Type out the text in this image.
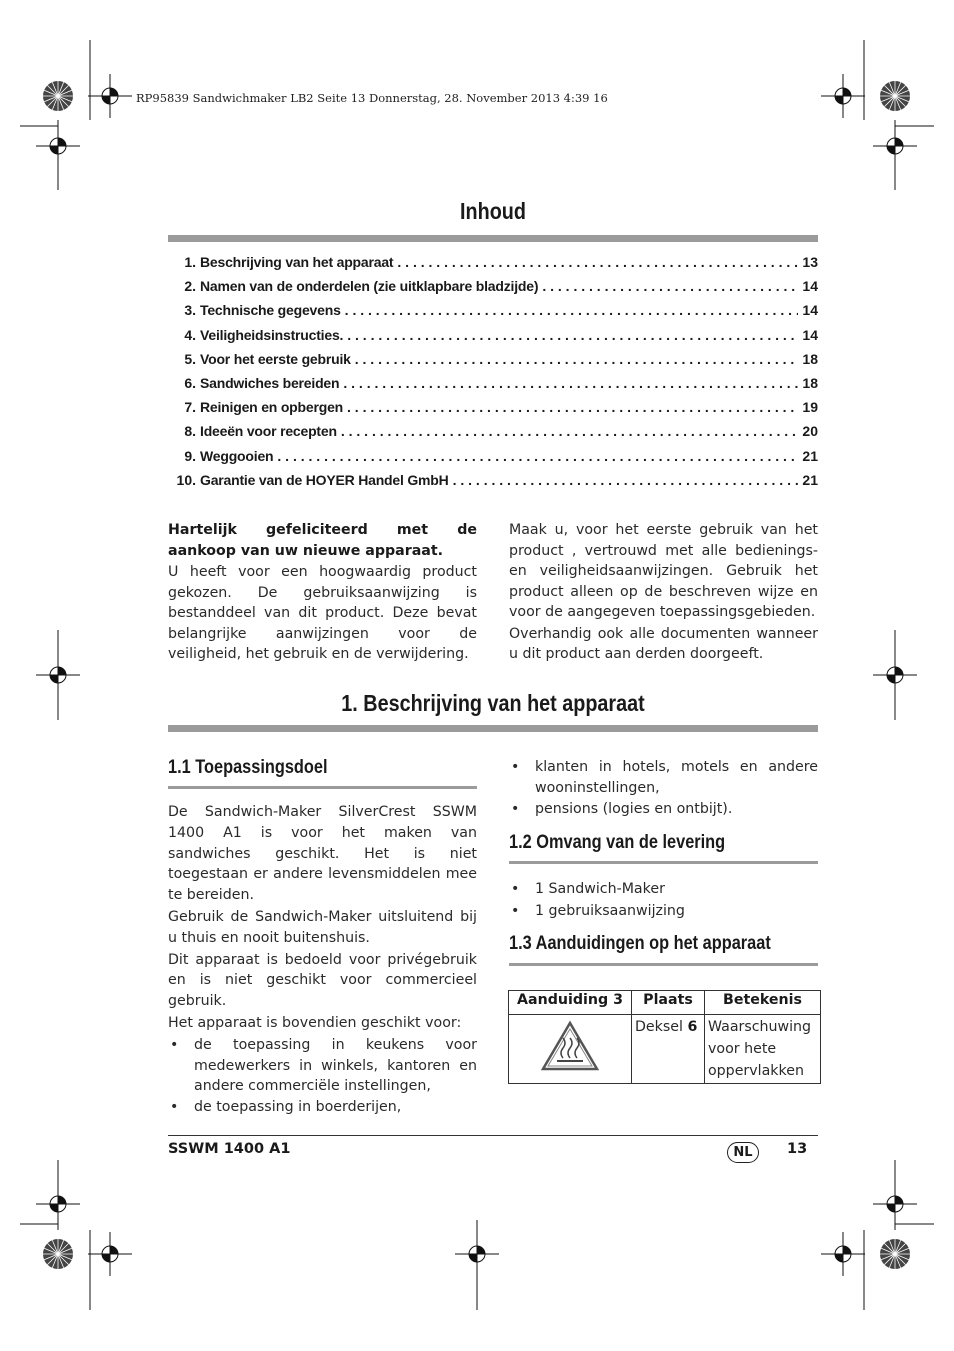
RP95839 Sandwichmaker LB2 Seite 13 Donnerstag, 28. November 2013 4:39 16
Inhoud
1. Beschrijving van het apparaat . . .	13
2. Namen van de onderdelen (zie uitklapbare bladzijde) . . .	14
3. Technische gegevens . . .	14
4. Veiligheidsinstructies. . . .	14
5. Voor het eerste gebruik . . .	18
6. Sandwiches bereiden . . .	18
7. Reinigen en opbergen . . .	19
8. Ideeën voor recepten . . .	20
9. Weggooien . . .	21
10. Garantie van de HOYER Handel GmbH . . .	21

Hartelijk gefeliciteerd met de aankoop van uw nieuwe apparaat.

U heeft voor een hoogwaardig product gekozen. De gebruiksaanwijzing is bestanddeel van dit product. Deze bevat belangrijke aanwijzingen voor de veiligheid, het gebruik en de verwijdering.

Maak u, voor het eerste gebruik van het product , vertrouwd met alle bedienings- en veiligheidsaanwijzingen. Gebruik het product alleen op de beschreven wijze en voor de aangegeven toepassingsgebieden.

Overhandig ook alle documenten wanneer u dit product aan derden doorgeeft.

1. Beschrijving van het apparaat
1.1 Toepassingsdoel

De Sandwich-Maker SilverCrest SSWM 1400 A1 is voor het maken van sandwiches geschikt. Het is niet toegestaan er andere levensmiddelen mee te bereiden.

Gebruik de Sandwich-Maker uitsluitend bij u thuis en nooit buitenshuis.

Dit apparaat is bedoeld voor privégebruik en is niet geschikt voor commercieel gebruik.

Het apparaat is bovendien geschikt voor:

• de toepassing in keukens voor medewerkers in winkels, kantoren en andere commerciële instellingen,
• de toepassing in boerderijen,
• klanten in hotels, motels en andere wooninstellingen,
• pensions (logies en ontbijt).
1.2 Omvang van de levering
• 1 Sandwich-Maker
• 1 gebruiksaanwijzing
1.3 Aanduidingen op het apparaat
Aanduiding 3	Plaats	Betekenis
	Deksel 6	Waarschuwing voor hete oppervlakken
SSWM 1400 A1	NL	13
